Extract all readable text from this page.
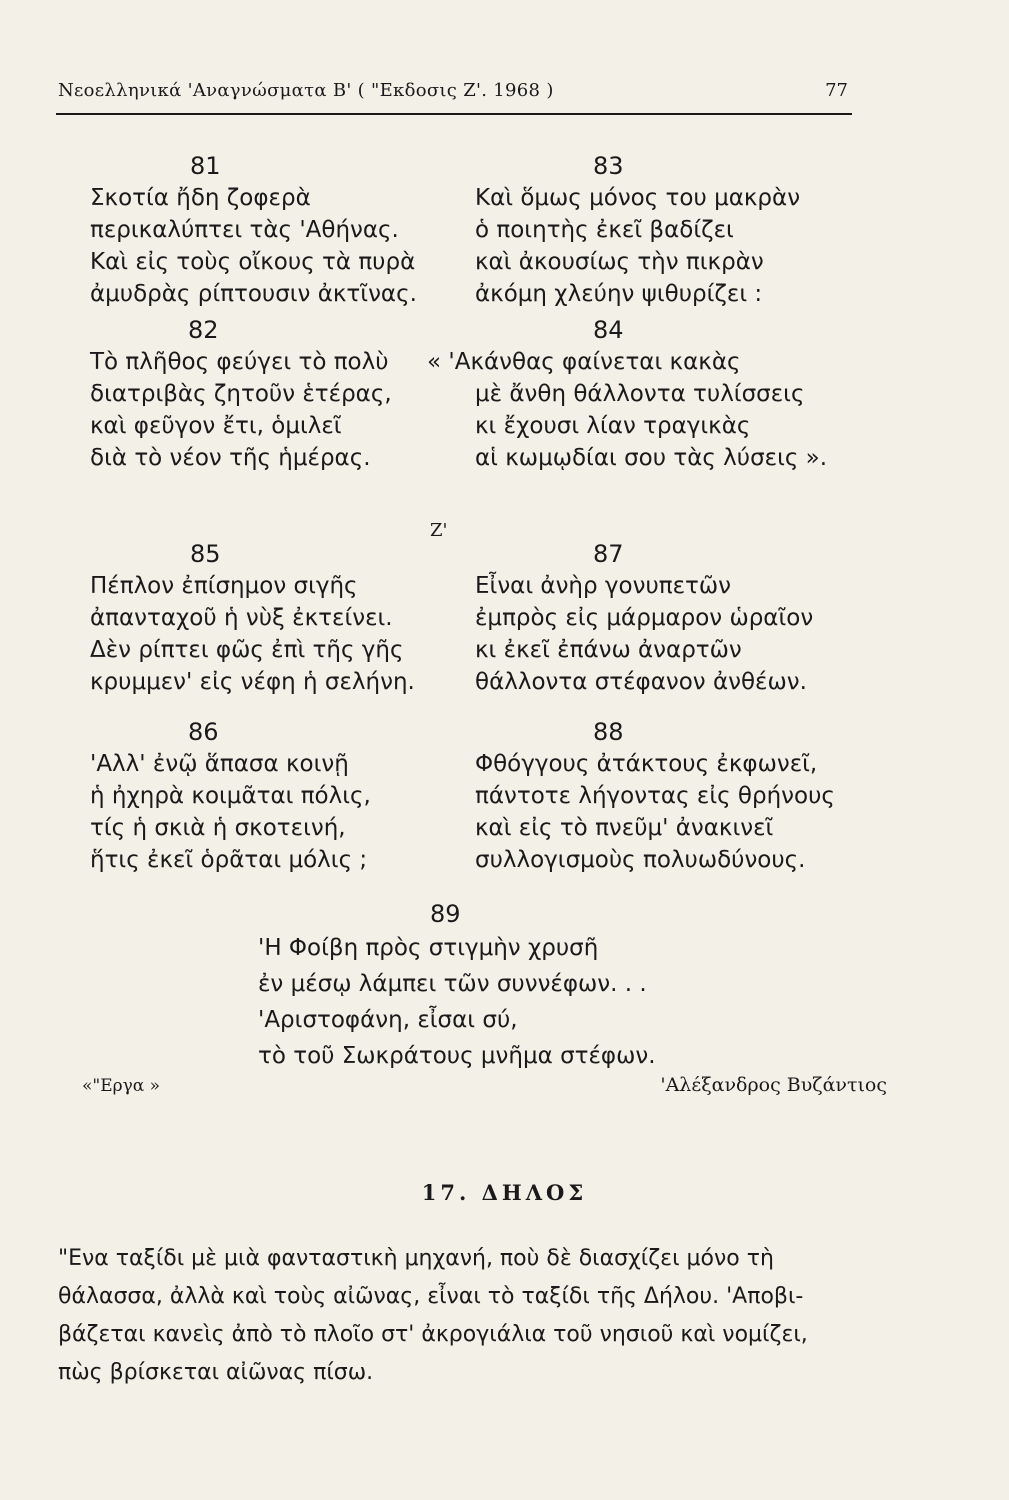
Νεοελληνικά 'Αναγνώσματα Β' ( "Εκδοσις Ζ'. 1968 )	77
81
Σκοτία ἤδη ζοφερὰ
περικαλύπτει τὰς 'Αθήνας.
Καὶ εἰς τοὺς οἴκους τὰ πυρὰ
ἀμυδρὰς ρίπτουσιν ἀκτῖνας.
82
Τὸ πλῆθος φεύγει τὸ πολὺ
διατριβὰς ζητοῦν ἑτέρας,
καὶ φεῦγον ἔτι, ὁμιλεῖ
διὰ τὸ νέον τῆς ἡμέρας.
83
Καὶ ὅμως μόνος του μακρὰν
ὁ ποιητὴς ἐκεῖ βαδίζει
καὶ ἀκουσίως τὴν πικρὰν
ἀκόμη χλεύην ψιθυρίζει :
84
« 'Ακάνθας φαίνεται κακὰς
μὲ ἄνθη θάλλοντα τυλίσσεις
κι ἔχουσι λίαν τραγικὰς
αἱ κωμῳδίαι σου τὰς λύσεις ».
Ζ'
85
Πέπλον ἐπίσημον σιγῆς
ἀπανταχοῦ ἡ νὺξ ἐκτείνει.
Δὲν ρίπτει φῶς ἐπὶ τῆς γῆς
κρυμμεν' εἰς νέφη ἡ σελήνη.
86
'Αλλ' ἐνῷ ἅπασα κοινῇ
ἡ ἠχηρὰ κοιμᾶται πόλις,
τίς ἡ σκιὰ ἡ σκοτεινή,
ἥτις ἐκεῖ ὁρᾶται μόλις ;
87
Εἶναι ἀνὴρ γονυπετῶν
ἐμπρὸς εἰς μάρμαρον ὡραῖον
κι ἐκεῖ ἐπάνω ἀναρτῶν
θάλλοντα στέφανον ἀνθέων.
88
Φθόγγους ἀτάκτους ἐκφωνεῖ,
πάντοτε λήγοντας εἰς θρήνους
καὶ εἰς τὸ πνεῦμ' ἀνακινεῖ
συλλογισμοὺς πολυωδύνους.
89
'Η Φοίβη πρὸς στιγμὴν χρυσῆ
ἐν μέσῳ λάμπει τῶν συννέφων. . .
'Αριστοφάνη, εἶσαι σύ,
τὸ τοῦ Σωκράτους μνῆμα στέφων.
«"Εργα »	'Αλέξανδρος Βυζάντιος
17. ΔΗΛΟΣ
"Ενα ταξίδι μὲ μιὰ φανταστικὴ μηχανή, ποὺ δὲ διασχίζει μόνο τὴ
θάλασσα, ἀλλὰ καὶ τοὺς αἰῶνας, εἶναι τὸ ταξίδι τῆς Δήλου. 'Αποβι-
βάζεται κανεὶς ἀπὸ τὸ πλοῖο στ' ἀκρογιάλια τοῦ νησιοῦ καὶ νομίζει,
πὼς βρίσκεται αἰῶνας πίσω.
